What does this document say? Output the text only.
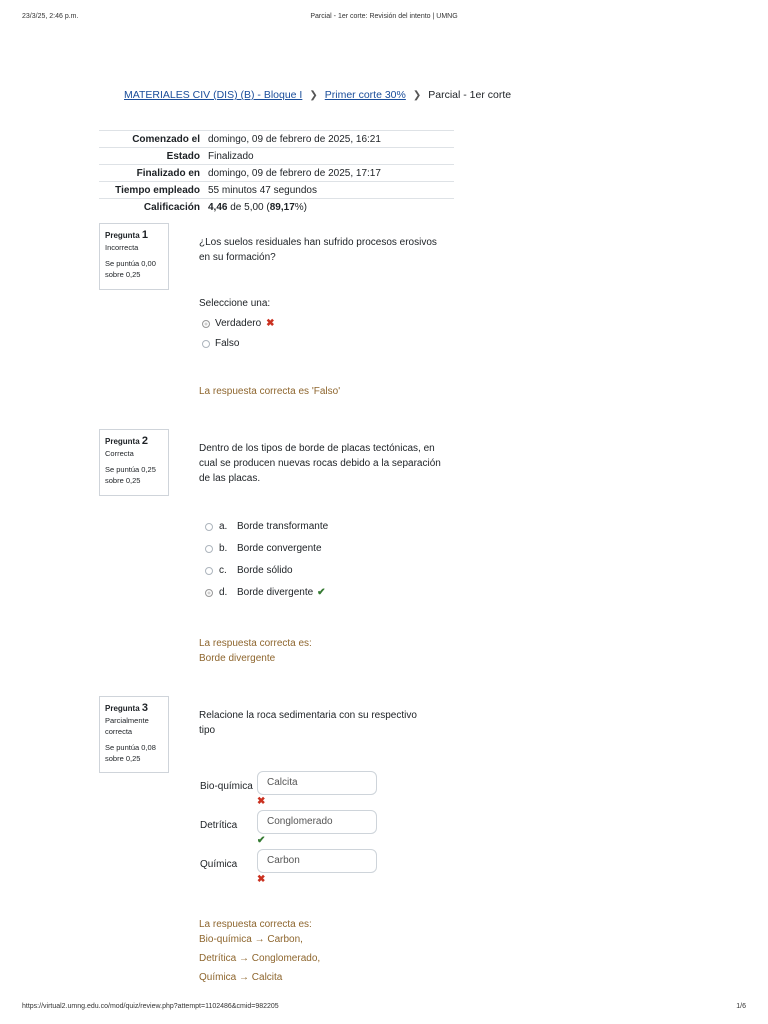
23/3/25, 2:46 p.m.	Parcial - 1er corte: Revisión del intento | UMNG
MATERIALES CIV (DIS) (B) - Bloque I ❯ Primer corte 30% ❯ Parcial - 1er corte
Comenzado el	domingo, 09 de febrero de 2025, 16:21
Estado	Finalizado
Finalizado en	domingo, 09 de febrero de 2025, 17:17
Tiempo empleado	55 minutos 47 segundos
Calificación	4,46 de 5,00 (89,17%)
Pregunta 1
Incorrecta
Se puntúa 0,00 sobre 0,25
¿Los suelos residuales han sufrido procesos erosivos en su formación?
Seleccione una:
Verdadero ✖
Falso
La respuesta correcta es 'Falso'
Pregunta 2
Correcta
Se puntúa 0,25 sobre 0,25
Dentro de los tipos de borde de placas tectónicas, en cual se producen nuevas rocas debido a la separación de las placas.
a. Borde transformante
b. Borde convergente
c.	Borde sólido
d. Borde divergente ✔
La respuesta correcta es:
Borde divergente
Pregunta 3
Parcialmente correcta
Se puntúa 0,08 sobre 0,25
Relacione la roca sedimentaria con su respectivo tipo
Bio-química	Calcita
✖
Detrítica	Conglomerado
✔
Química	Carbon
✖
La respuesta correcta es:
Bio-química → Carbon,
Detrítica → Conglomerado,
Química → Calcita
https://virtual2.umng.edu.co/mod/quiz/review.php?attempt=1102486&cmid=982205	1/6
